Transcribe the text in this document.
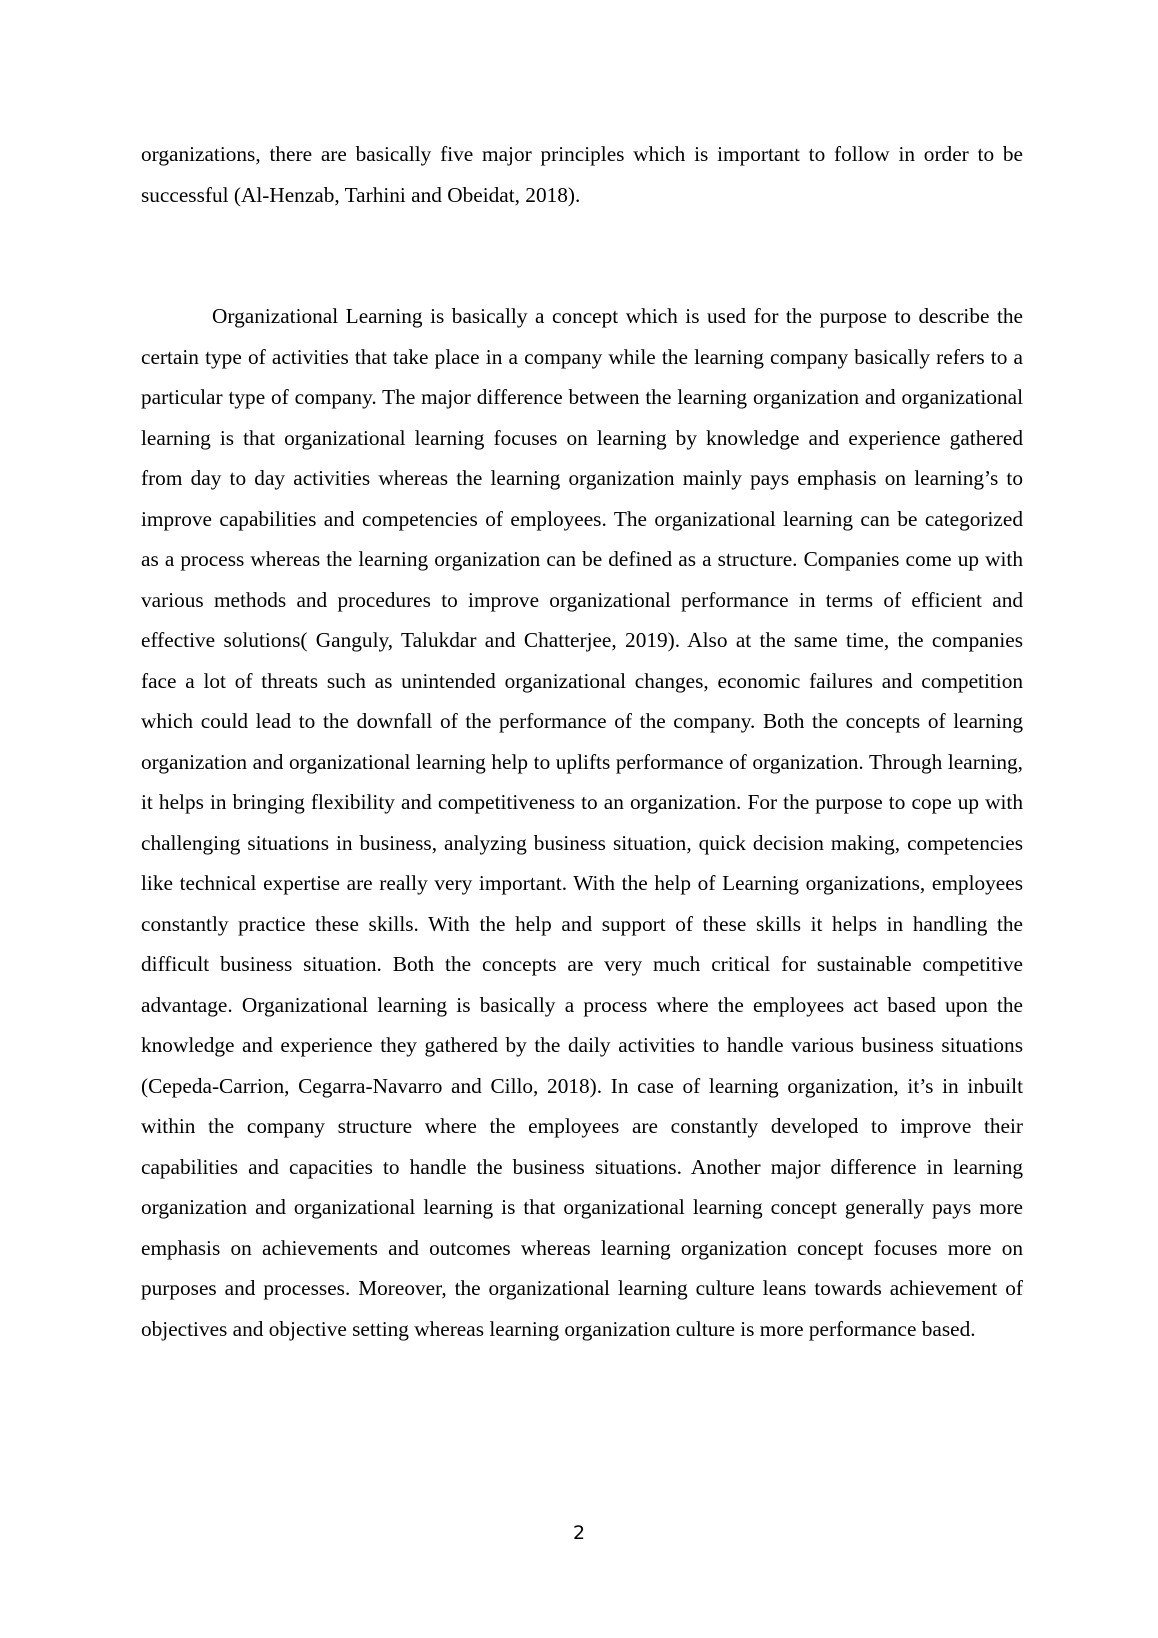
organizations, there are basically five major principles which is important to follow in order to be successful (Al-Henzab, Tarhini and Obeidat, 2018).

Organizational Learning is basically a concept which is used for the purpose to describe the certain type of activities that take place in a company while the learning company basically refers to a particular type of company. The major difference between the learning organization and organizational learning is that organizational learning focuses on learning by knowledge and experience gathered from day to day activities whereas the learning organization mainly pays emphasis on learning’s to improve capabilities and competencies of employees. The organizational learning can be categorized as a process whereas the learning organization can be defined as a structure. Companies come up with various methods and procedures to improve organizational performance in terms of efficient and effective solutions( Ganguly, Talukdar and Chatterjee, 2019). Also at the same time, the companies face a lot of threats such as unintended organizational changes, economic failures and competition which could lead to the downfall of the performance of the company. Both the concepts of learning organization and organizational learning help to uplifts performance of organization. Through learning, it helps in bringing flexibility and competitiveness to an organization. For the purpose to cope up with challenging situations in business, analyzing business situation, quick decision making, competencies like technical expertise are really very important. With the help of Learning organizations, employees constantly practice these skills. With the help and support of these skills it helps in handling the difficult business situation. Both the concepts are very much critical for sustainable competitive advantage. Organizational learning is basically a process where the employees act based upon the knowledge and experience they gathered by the daily activities to handle various business situations (Cepeda-Carrion, Cegarra-Navarro and Cillo, 2018). In case of learning organization, it’s in inbuilt within the company structure where the employees are constantly developed to improve their capabilities and capacities to handle the business situations. Another major difference in learning organization and organizational learning is that organizational learning concept generally pays more emphasis on achievements and outcomes whereas learning organization concept focuses more on purposes and processes. Moreover, the organizational learning culture leans towards achievement of objectives and objective setting whereas learning organization culture is more performance based.

2
